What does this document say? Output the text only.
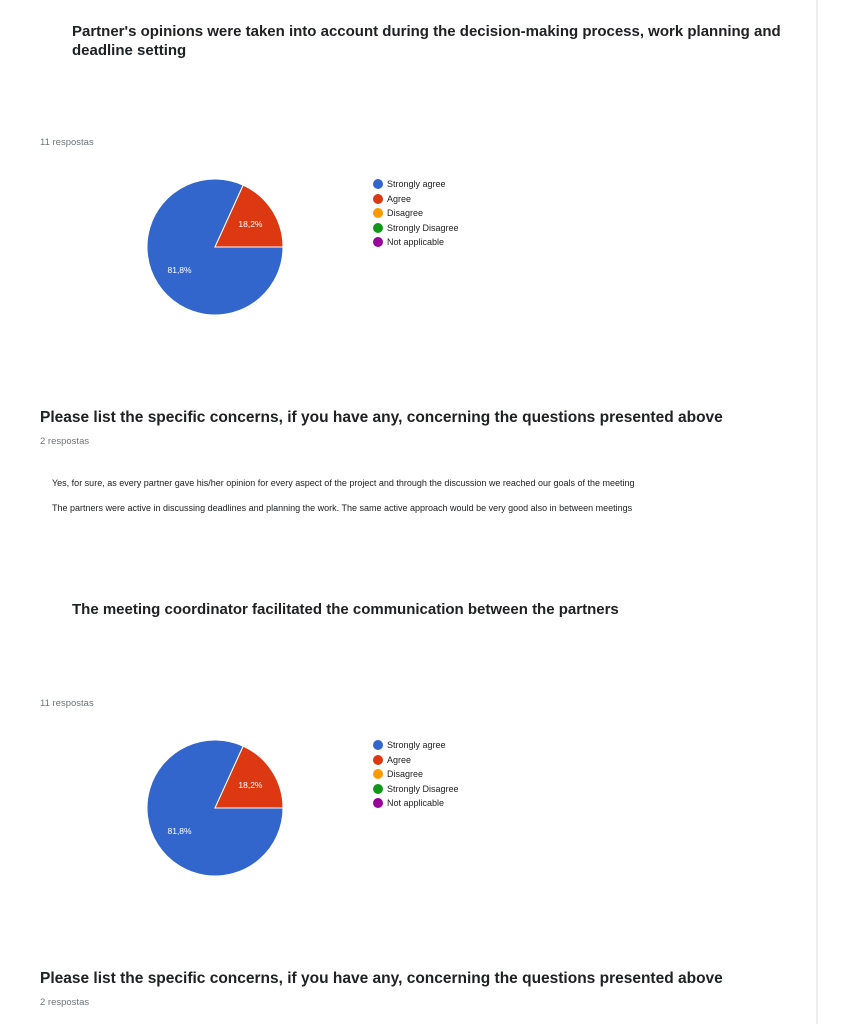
Partner's opinions were taken into account during the decision-making process, work planning and deadline setting
11 respostas
81,8%
18,2%
Strongly agree
Agree
Disagree
Strongly Disagree
Not applicable
Please list the specific concerns, if you have any, concerning the questions presented above
2 respostas
Yes, for sure, as every partner gave his/her opinion for every aspect of the project and through the discussion we reached our goals of the meeting
The partners were active in discussing deadlines and planning the work. The same active approach would be very good also in between meetings
The meeting coordinator facilitated the communication between the partners
11 respostas
81,8%
18,2%
Strongly agree
Agree
Disagree
Strongly Disagree
Not applicable
Please list the specific concerns, if you have any, concerning the questions presented above
2 respostas
